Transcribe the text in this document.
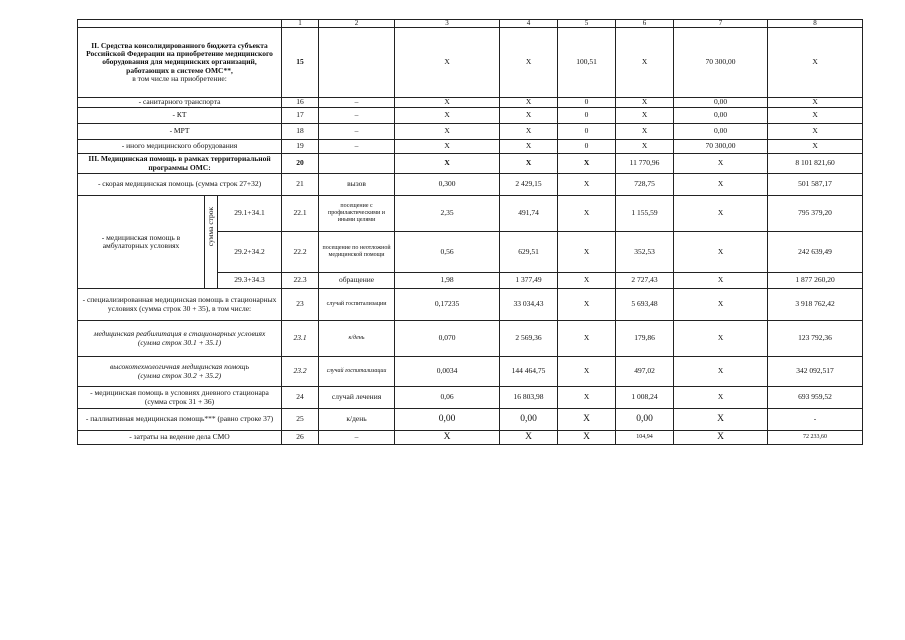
			1	2	3	4	5	6	7	8	
II. Средства консолидированного бюджета субъекта Российской Федерации на приобретение медицинского оборудования для медицинских организаций, работающих в системе ОМС**,
в том числе на приобретение:			15		X	X	100,51	X	70 300,00	X	
- санитарного транспорта			16	–	X	X	0	X	0,00	X	
- КТ			17	–	X	X	0	X	0,00	X	
- МРТ			18	–	X	X	0	X	0,00	X	
- иного медицинского оборудования			19	–	X	X	0	X	70 300,00	X	
III. Медицинская помощь в рамках территориальной программы ОМС:			20		X	X	X	11 770,96	X	8 101 821,60	
- скорая медицинская помощь (сумма строк 27+32)			21	вызов	0,300	2 429,15	X	728,75	X	501 587,17	
- медицинская помощь в амбулаторных условиях	сумма строк	29.1+34.1	22.1	посещение с профилактическими и иными целями	2,35	491,74	X	1 155,59	X	795 379,20	
		29.2+34.2	22.2	посещение по неотложной медицинской помощи	0,56	629,51	X	352,53	X	242 639,49	
		29.3+34.3	22.3	обращение	1,98	1 377,49	X	2 727,43	X	1 877 260,20	
- специализированная медицинская помощь в стационарных условиях (сумма строк 30 + 35), в том числе:			23	случай госпитализации	0,17235	33 034,43	X	5 693,48	X	3 918 762,42	
медицинская реабилитация в стационарных условиях
(сумма строк 30.1 + 35.1)			23.1	к/день	0,070	2 569,36	X	179,86	X	123 792,36	
высокотехнологичная медицинская помощь
(сумма строк 30.2 + 35.2)			23.2	случай госпитализации	0,0034	144 464,75	X	497,02	X	342 092,517	
- медицинская помощь в условиях дневного стационара (сумма строк 31 + 36)			24	случай лечения	0,06	16 803,98	X	1 008,24	X	693 959,52	
- паллиативная медицинская помощь*** (равно строке 37)			25	к/день	0,00	0,00	X	0,00	X	-	
- затраты на ведение дела СМО			26	–	X	X	X	104,94	X	72 233,60	
